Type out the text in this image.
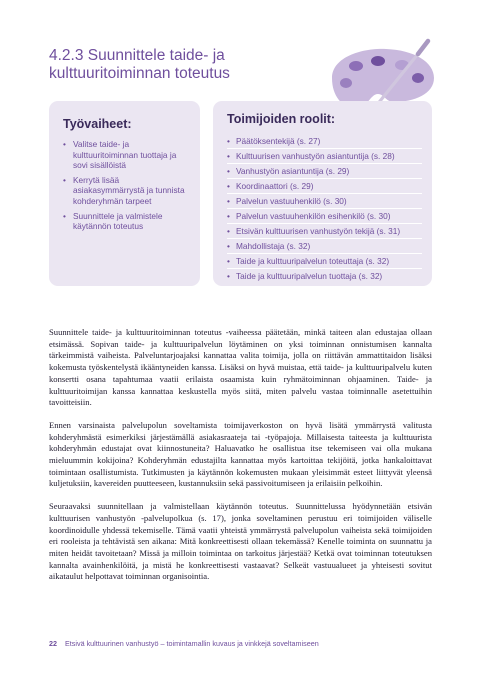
4.2.3 Suunnittele taide- ja
kulttuuritoiminnan toteutus
Työvaiheet:
• Valitse taide- ja kulttuuritoiminnan tuottaja ja sovi sisällöistä
• Kerrytä lisää asiakasymmärrystä ja tunnista kohderyhmän tarpeet
• Suunnittele ja valmistele käytännön toteutus
Toimijoiden roolit:
• Päätöksentekijä (s. 27)
• Kulttuurisen vanhustyön asiantuntija (s. 28)
• Vanhustyön asiantuntija (s. 29)
• Koordinaattori (s. 29)
• Palvelun vastuuhenkilö (s. 30)
• Palvelun vastuuhenkilön esihenkilö (s. 30)
• Etsivän kulttuurisen vanhustyön tekijä (s. 31)
• Mahdollistaja (s. 32)
• Taide ja kulttuuripalvelun toteuttaja (s. 32)
• Taide ja kulttuuripalvelun tuottaja (s. 32)

Suunnittele taide- ja kulttuuritoiminnan toteutus -vaiheessa päätetään, minkä taiteen alan edustajaa ollaan etsimässä. Sopivan taide- ja kulttuuripalvelun löytäminen on yksi toiminnan onnistumisen kannalta tärkeimmistä vaiheista. Palveluntarjoajaksi kannattaa valita toimija, jolla on riittävän ammattitaidon lisäksi kokemusta työskentelystä ikääntyneiden kanssa. Lisäksi on hyvä muistaa, että taide- ja kulttuuripalvelu kuten konsertti osana tapahtumaa vaatii erilaista osaamista kuin ryhmätoiminnan ohjaaminen. Taide- ja kulttuuritoimijan kanssa kannattaa keskustella myös siitä, miten palvelu vastaa toiminnalle asetettuihin tavoitteisiin.

Ennen varsinaista palvelupolun soveltamista toimijaverkoston on hyvä lisätä ymmärrystä valitusta kohderyhmästä esimerkiksi järjestämällä asiakasraateja tai -työpajoja. Millaisesta taiteesta ja kulttuurista kohderyhmän edustajat ovat kiinnostuneita? Haluavatko he osallistua itse tekemiseen vai olla mukana mieluummin kokijoina? Kohderyhmän edustajilta kannattaa myös kartoittaa tekijöitä, jotka hankaloittavat toimintaan osallistumista. Tutkimusten ja käytännön kokemusten mukaan yleisimmät esteet liittyvät yleensä kuljetuksiin, kavereiden puutteeseen, kustannuksiin sekä passivoitumiseen ja erilaisiin pelkoihin.

Seuraavaksi suunnitellaan ja valmistellaan käytännön toteutus. Suunnittelussa hyödynnetään etsivän kulttuurisen vanhustyön -palvelupolkua (s. 17), jonka soveltaminen perustuu eri toimijoiden väliselle koordinoidulle yhdessä tekemiselle. Tämä vaatii yhteistä ymmärrystä palvelupolun vaiheista sekä toimijoiden eri rooleista ja tehtävistä sen aikana: Mitä konkreettisesti ollaan tekemässä? Kenelle toiminta on suunnattu ja miten heidät tavoitetaan? Missä ja milloin toimintaa on tarkoitus järjestää? Ketkä ovat toiminnan toteutuksen kannalta avainhenkilöitä, ja mistä he konkreettisesti vastaavat? Selkeät vastuualueet ja yhteisesti sovitut aikataulut helpottavat toiminnan organisointia.

22 Etsivä kulttuurinen vanhustyö – toimintamallin kuvaus ja vinkkejä soveltamiseen
